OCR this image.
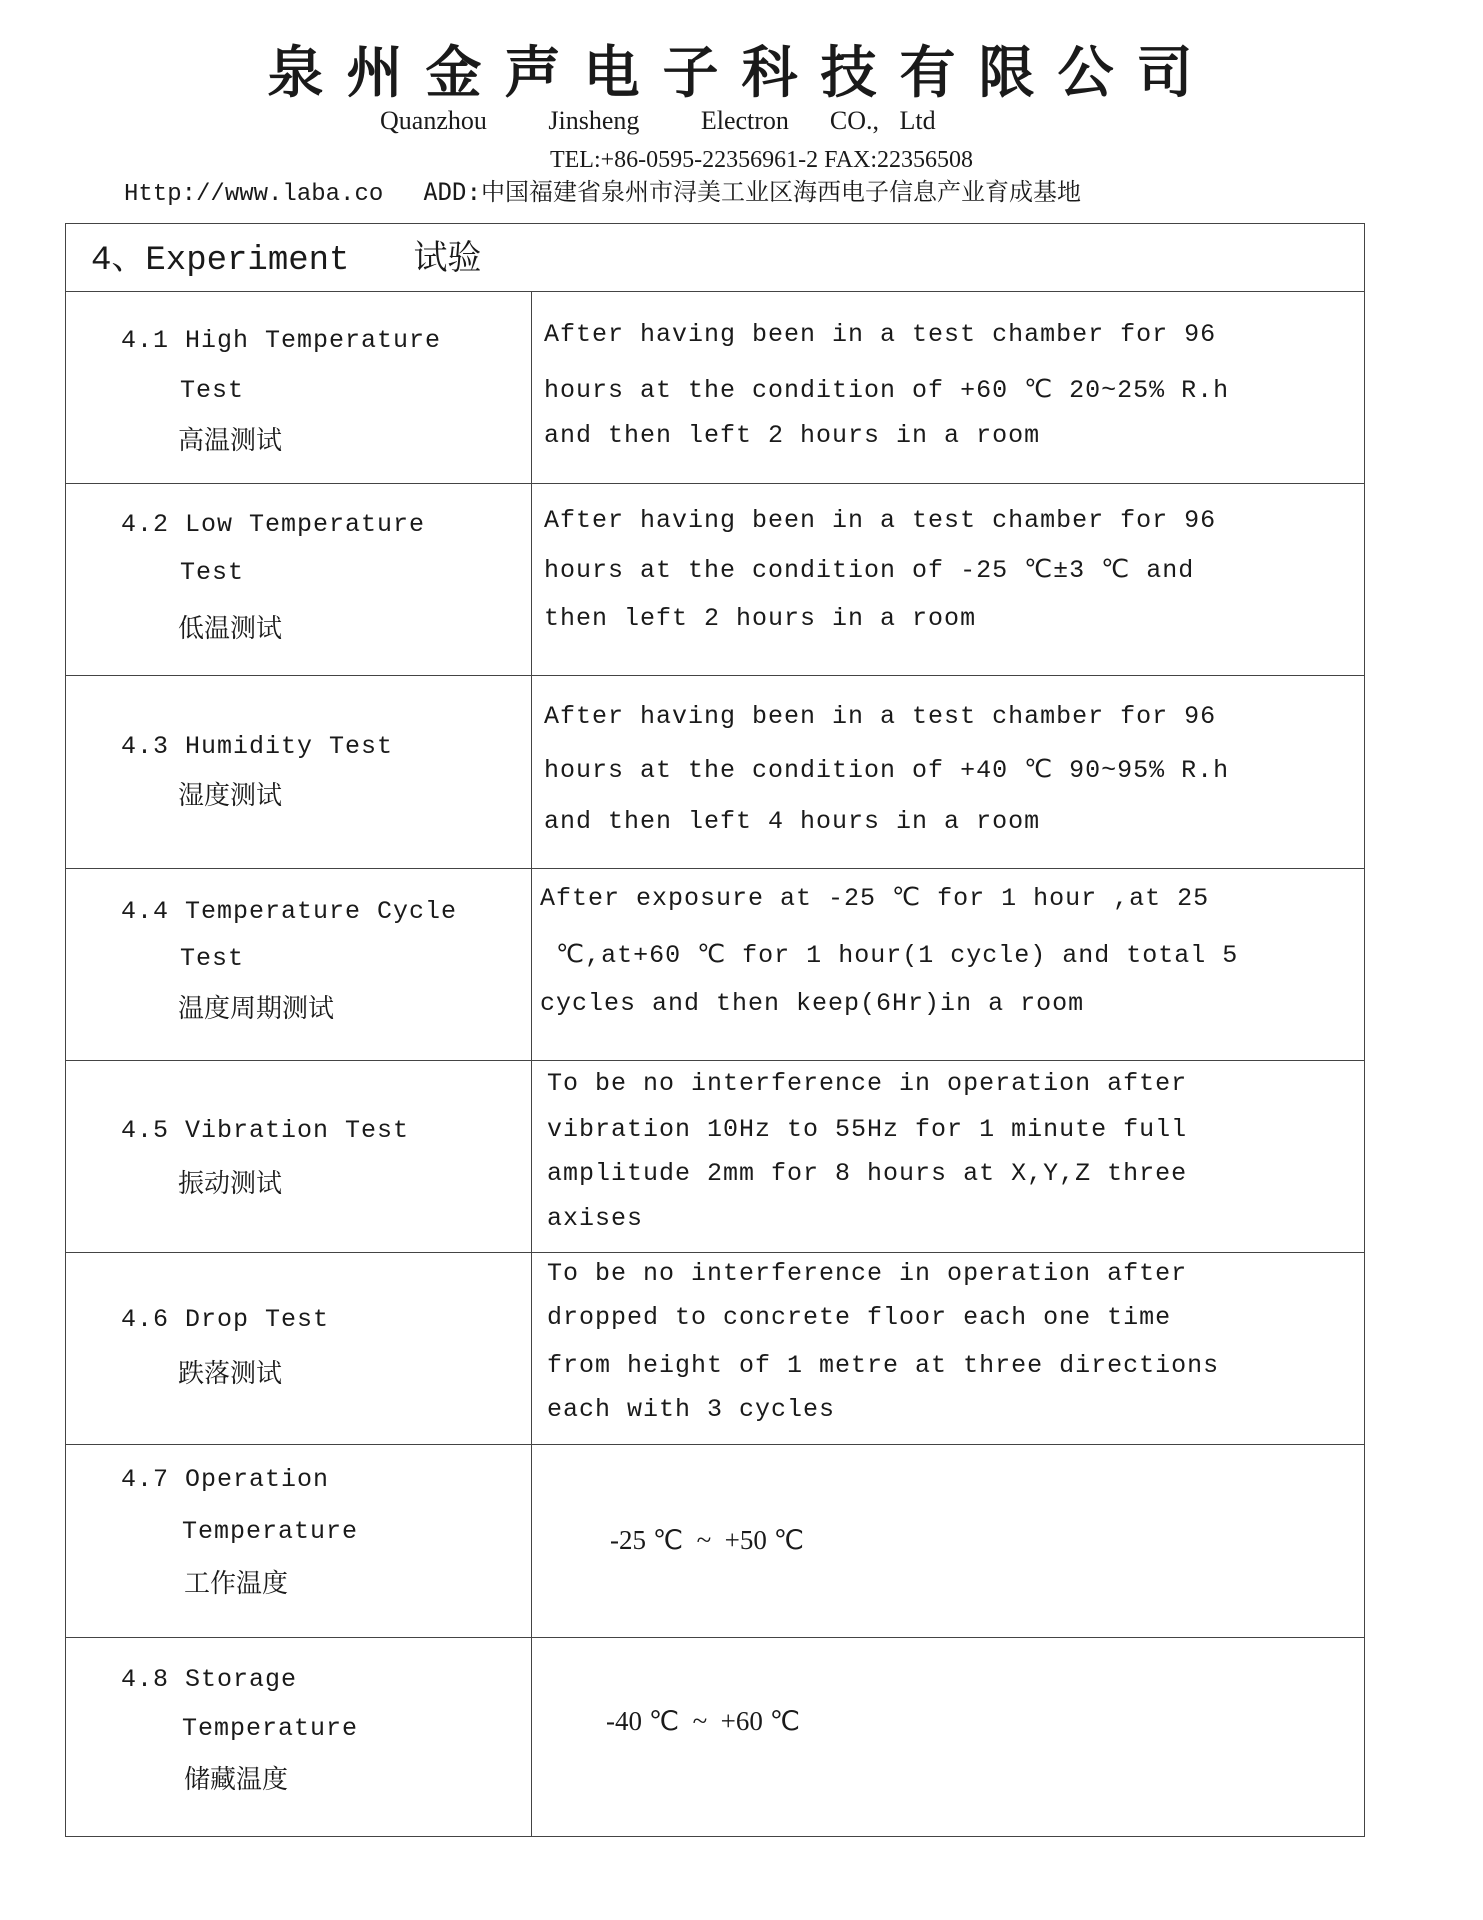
泉州金声电子科技有限公司
Quanzhou   Jinsheng   Electron  CO., Ltd
TEL:+86-0595-22356961-2 FAX:22356508
Http://www.laba.co ADD:中国福建省泉州市浔美工业区海西电子信息产业育成基地
4、Experiment 试验
4.1 High Temperature
Test
高温测试
After having been in a test chamber for 96
hours at the condition of +60 ℃ 20~25% R.h
and then left 2 hours in a room
4.2 Low Temperature
Test
低温测试
After having been in a test chamber for 96
hours at the condition of -25 ℃±3 ℃ and
then left 2 hours in a room
4.3 Humidity Test
湿度测试
After having been in a test chamber for 96
hours at the condition of +40 ℃ 90~95% R.h
and then left 4 hours in a room
4.4 Temperature Cycle
Test
温度周期测试
After exposure at -25 ℃ for 1 hour ,at 25
℃,at+60 ℃ for 1 hour(1 cycle) and total 5
cycles and then keep(6Hr)in a room
4.5 Vibration Test
振动测试
To be no interference in operation after
vibration 10Hz to 55Hz for 1 minute full
amplitude 2mm for 8 hours at X,Y,Z three
axises
4.6 Drop Test
跌落测试
To be no interference in operation after
dropped to concrete floor each one time
from height of 1 metre at three directions
each with 3 cycles
4.7 Operation
Temperature
工作温度
-25 ℃  ~  +50 ℃
4.8 Storage
Temperature
储藏温度
-40 ℃  ~  +60 ℃
